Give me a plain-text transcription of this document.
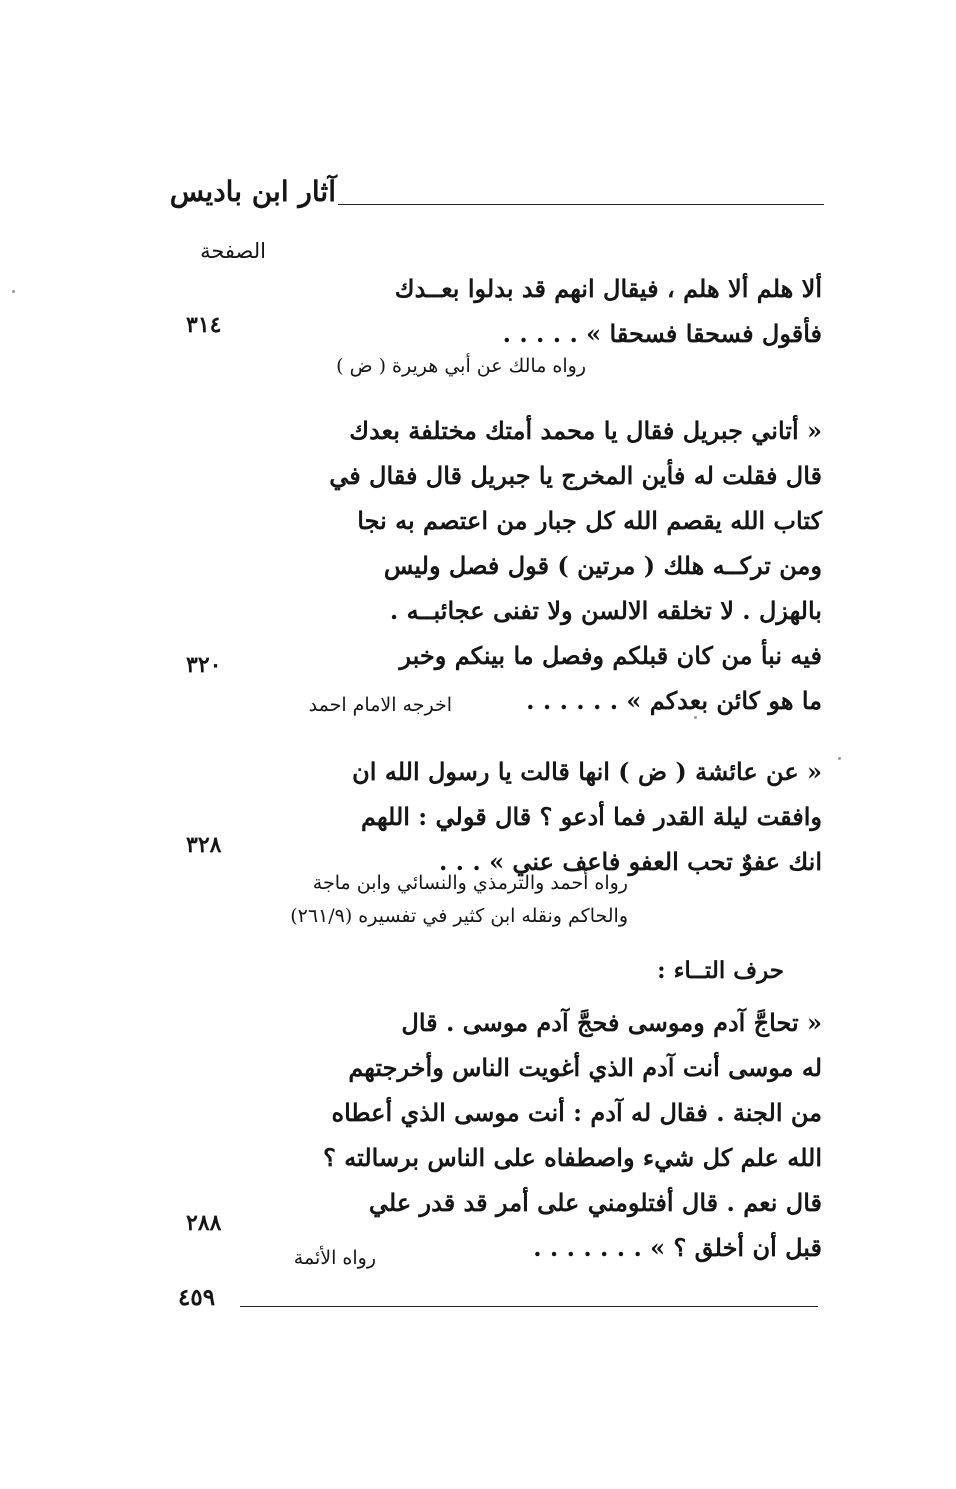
آثار ابن باديس
الصفحة
ألا هلم ألا هلم ، فيقال انهم قد بدلوا بعــدك
فأقول فسحقا فسحقا » . . . . .
٣١٤
رواه مالك عن أبي هريرة ( ض )
« أتاني جبريل فقال يا محمد أمتك مختلفة بعدك
قال فقلت له فأين المخرج يا جبريل قال فقال في
كتاب الله يقصم الله كل جبار من اعتصم به نجا
ومن تركــه هلك ( مرتين ) قول فصل وليس
بالهزل . لا تخلقه الالسن ولا تفنى عجائبــه .
فيه نبأ من كان قبلكم وفصل ما بينكم وخبر
ما هو كائن بعدكم » . . . . . .
٣٢٠
اخرجه الامام احمد
« عن عائشة ( ض ) انها قالت يا رسول الله ان
وافقت ليلة القدر فما أدعو ؟ قال قولي : اللهم
انك عفوٌ تحب العفو فاعف عني » . . .
٣٢٨
رواه أحمد والترمذي والنسائي وابن ماجة
والحاكم ونقله ابن كثير في تفسيره (٢٦١/٩)
حرف التــاء :
« تحاجَّ آدم وموسى فحجَّ آدم موسى . قال
له موسى أنت آدم الذي أغويت الناس وأخرجتهم
من الجنة . فقال له آدم : أنت موسى الذي أعطاه
الله علم كل شيء واصطفاه على الناس برسالته ؟
قال نعم . قال أفتلومني على أمر قد قدر علي
قبل أن أخلق ؟ » . . . . . . .
٢٨٨
رواه الأئمة
٤٥٩
